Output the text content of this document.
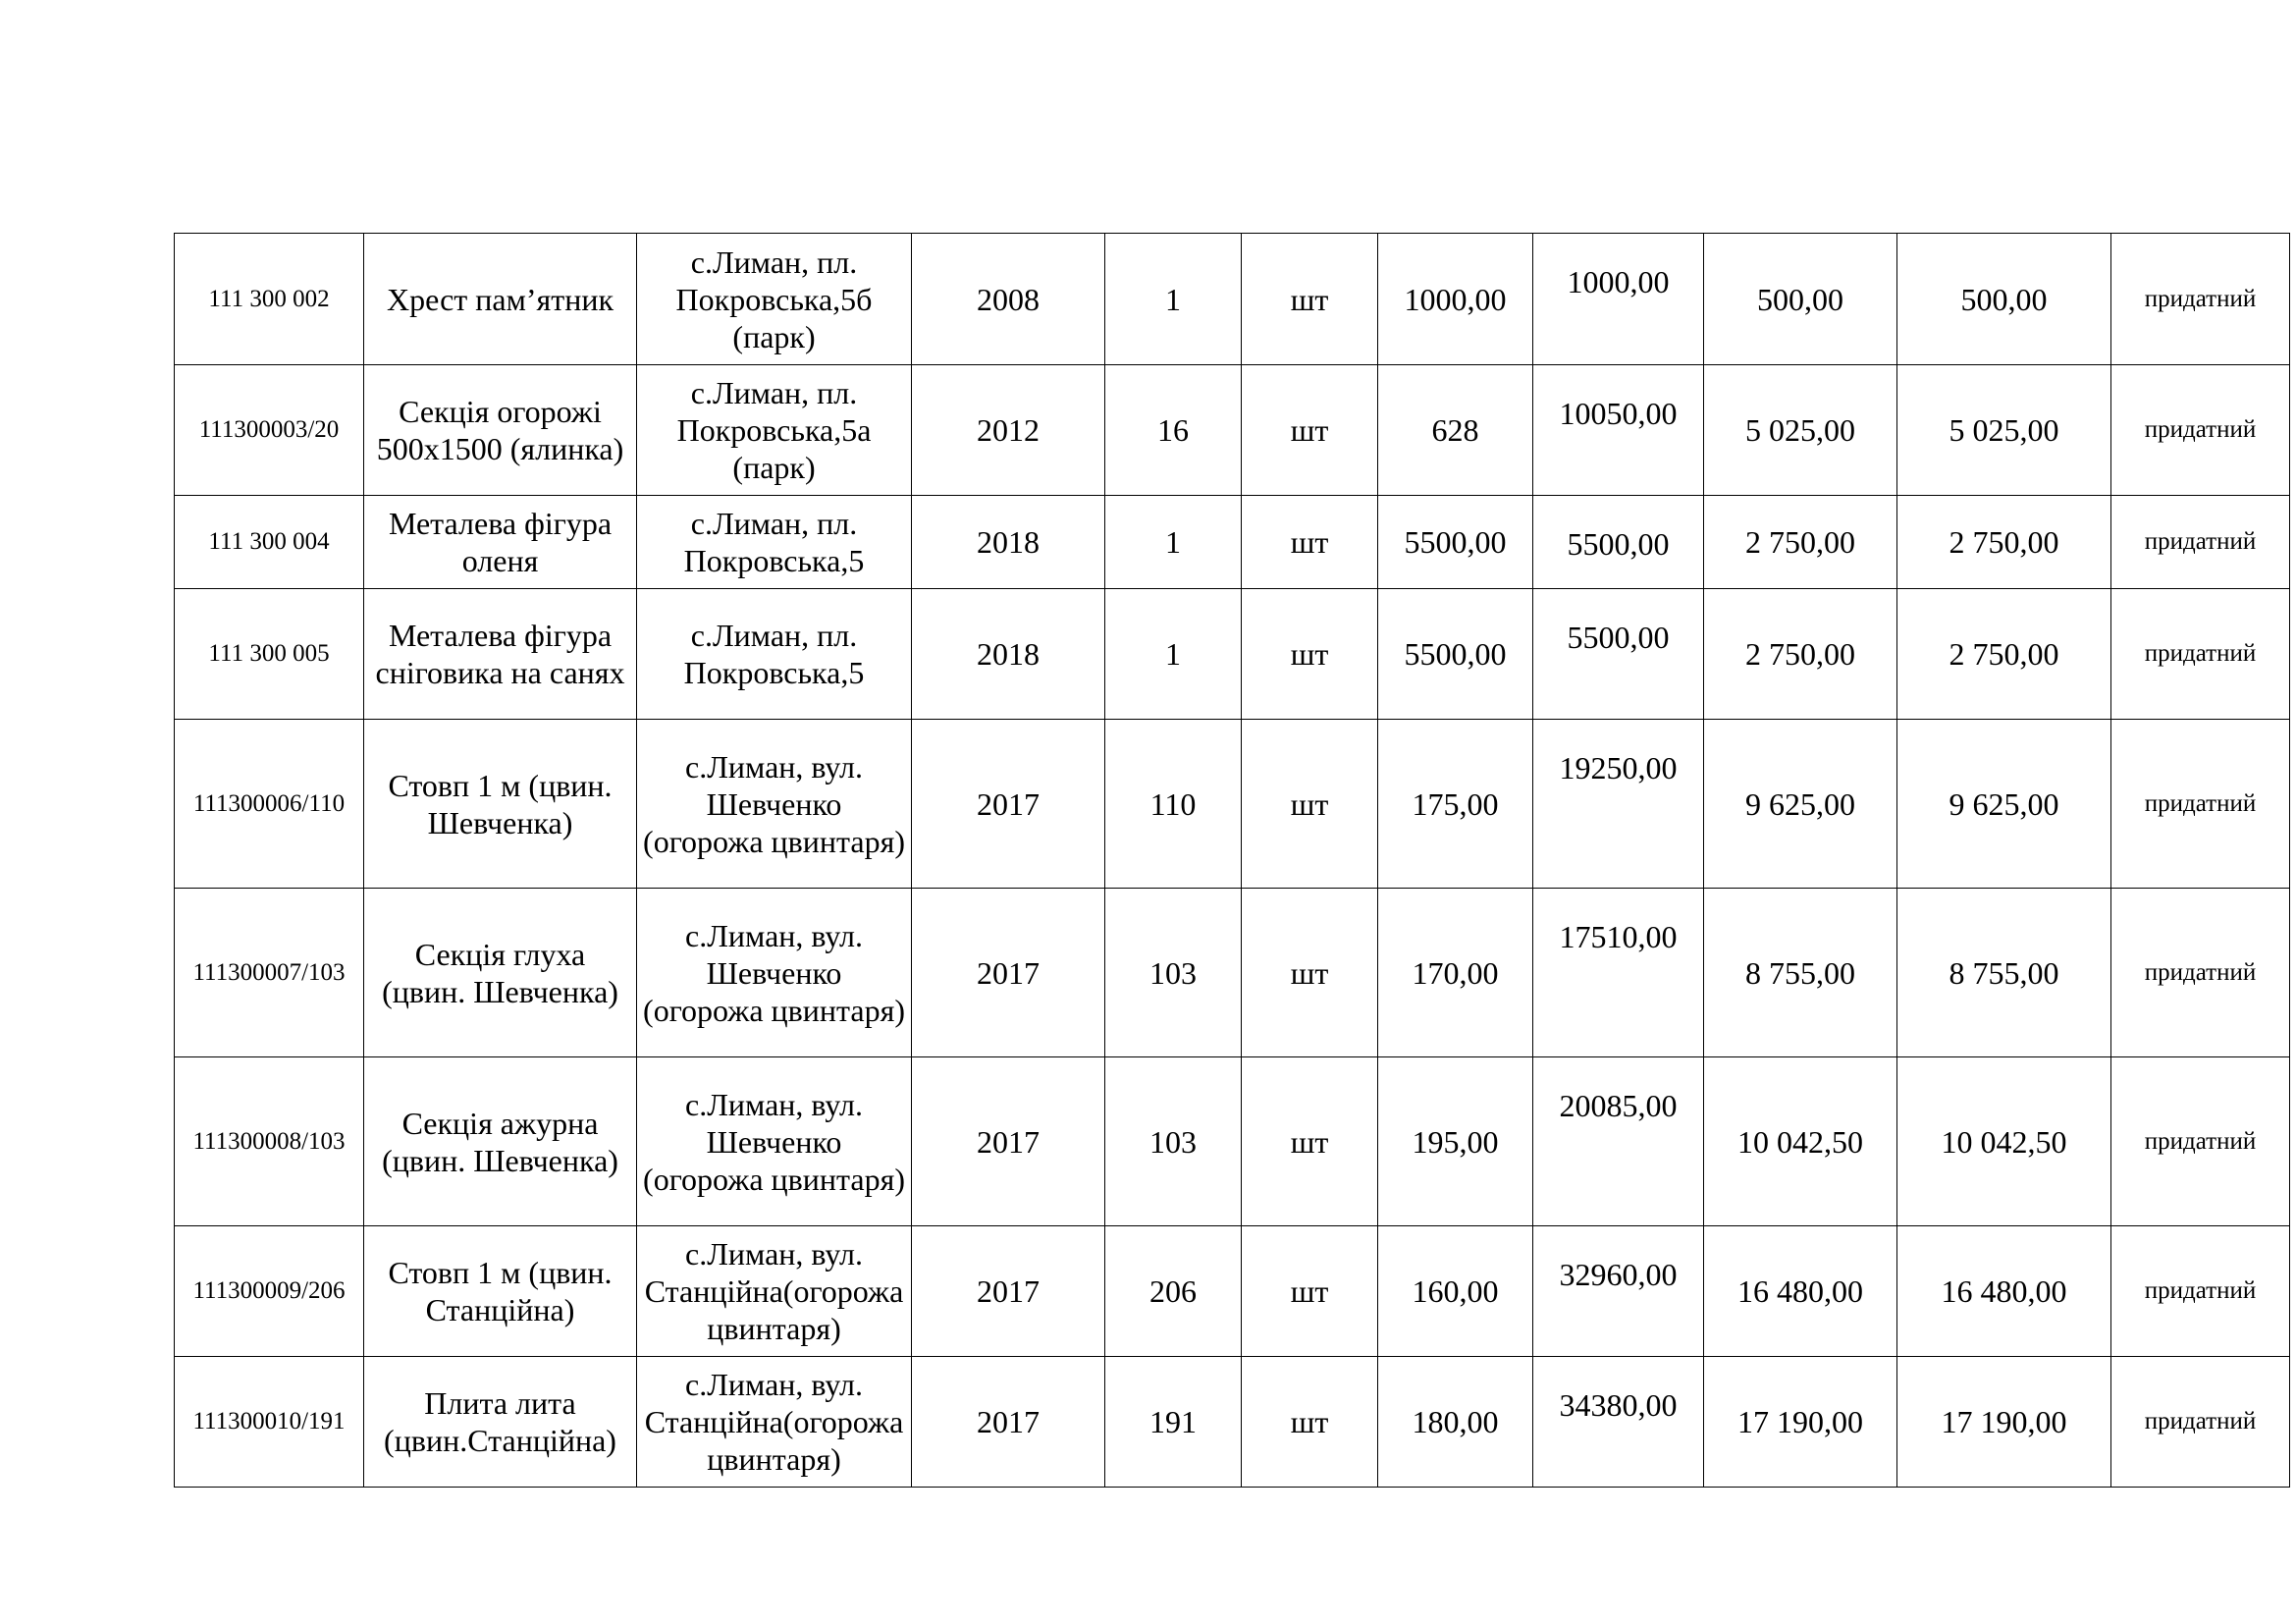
111 300 002	Хрест пам’ятник	с.Лиман, пл. Покровська,5б (парк)	2008	1	шт	1000,00	1000,00	500,00	500,00	придатний
111300003/20	Секція огорожі 500х1500 (ялинка)	с.Лиман, пл. Покровська,5а (парк)	2012	16	шт	628	10050,00	5 025,00	5 025,00	придатний
111 300 004	Металева фігура оленя	с.Лиман, пл. Покровська,5	2018	1	шт	5500,00	5500,00	2 750,00	2 750,00	придатний
111 300 005	Металева фігура сніговика на санях	с.Лиман, пл. Покровська,5	2018	1	шт	5500,00	5500,00	2 750,00	2 750,00	придатний
111300006/110	Стовп 1 м (цвин. Шевченка)	с.Лиман, вул. Шевченко (огорожа цвинтаря)	2017	110	шт	175,00	19250,00	9 625,00	9 625,00	придатний
111300007/103	Секція глуха (цвин. Шевченка)	с.Лиман, вул. Шевченко (огорожа цвинтаря)	2017	103	шт	170,00	17510,00	8 755,00	8 755,00	придатний
111300008/103	Секція ажурна (цвин. Шевченка)	с.Лиман, вул. Шевченко (огорожа цвинтаря)	2017	103	шт	195,00	20085,00	10 042,50	10 042,50	придатний
111300009/206	Стовп 1 м (цвин. Станційна)	с.Лиман, вул. Станційна(огорожа цвинтаря)	2017	206	шт	160,00	32960,00	16 480,00	16 480,00	придатний
111300010/191	Плита лита (цвин.Станційна)	с.Лиман, вул. Станційна(огорожа цвинтаря)	2017	191	шт	180,00	34380,00	17 190,00	17 190,00	придатний
